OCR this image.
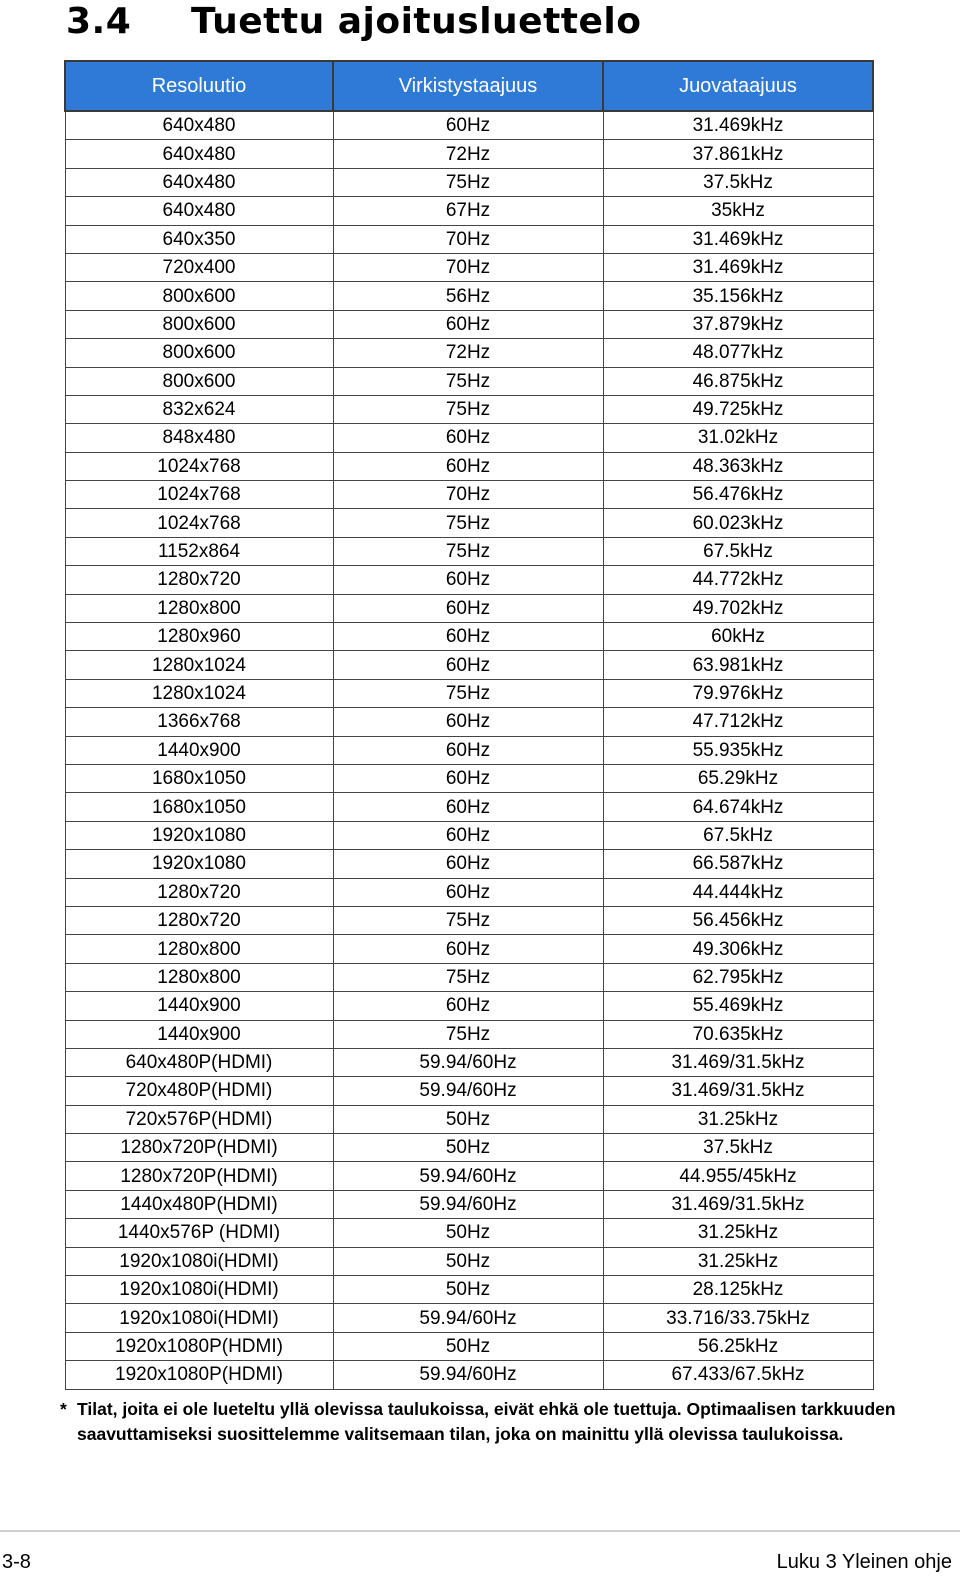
3.4 Tuettu ajoitusluettelo
Resoluutio	Virkistystaajuus	Juovataajuus
640x480	60Hz	31.469kHz
640x480	72Hz	37.861kHz
640x480	75Hz	37.5kHz
640x480	67Hz	35kHz
640x350	70Hz	31.469kHz
720x400	70Hz	31.469kHz
800x600	56Hz	35.156kHz
800x600	60Hz	37.879kHz
800x600	72Hz	48.077kHz
800x600	75Hz	46.875kHz
832x624	75Hz	49.725kHz
848x480	60Hz	31.02kHz
1024x768	60Hz	48.363kHz
1024x768	70Hz	56.476kHz
1024x768	75Hz	60.023kHz
1152x864	75Hz	67.5kHz
1280x720	60Hz	44.772kHz
1280x800	60Hz	49.702kHz
1280x960	60Hz	60kHz
1280x1024	60Hz	63.981kHz
1280x1024	75Hz	79.976kHz
1366x768	60Hz	47.712kHz
1440x900	60Hz	55.935kHz
1680x1050	60Hz	65.29kHz
1680x1050	60Hz	64.674kHz
1920x1080	60Hz	67.5kHz
1920x1080	60Hz	66.587kHz
1280x720	60Hz	44.444kHz
1280x720	75Hz	56.456kHz
1280x800	60Hz	49.306kHz
1280x800	75Hz	62.795kHz
1440x900	60Hz	55.469kHz
1440x900	75Hz	70.635kHz
640x480P(HDMI)	59.94/60Hz	31.469/31.5kHz
720x480P(HDMI)	59.94/60Hz	31.469/31.5kHz
720x576P(HDMI)	50Hz	31.25kHz
1280x720P(HDMI)	50Hz	37.5kHz
1280x720P(HDMI)	59.94/60Hz	44.955/45kHz
1440x480P(HDMI)	59.94/60Hz	31.469/31.5kHz
1440x576P (HDMI)	50Hz	31.25kHz
1920x1080i(HDMI)	50Hz	31.25kHz
1920x1080i(HDMI)	50Hz	28.125kHz
1920x1080i(HDMI)	59.94/60Hz	33.716/33.75kHz
1920x1080P(HDMI)	50Hz	56.25kHz
1920x1080P(HDMI)	59.94/60Hz	67.433/67.5kHz
* Tilat, joita ei ole lueteltu yllä olevissa taulukoissa, eivät ehkä ole tuettuja. Optimaalisen tarkkuuden saavuttamiseksi suosittelemme valitsemaan tilan, joka on mainittu yllä olevissa taulukoissa.
3-8	Luku 3 Yleinen ohje
